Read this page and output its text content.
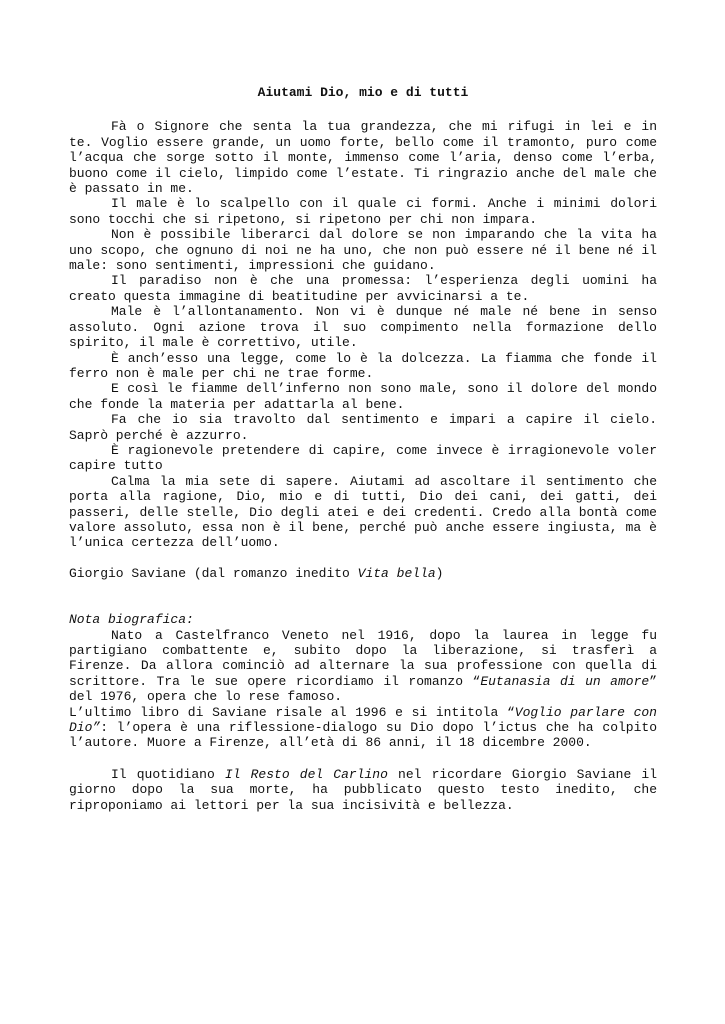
Aiutami Dio, mio e di tutti

Fà o Signore che senta la tua grandezza, che mi rifugi in lei e in te. Voglio essere grande, un uomo forte, bello come il tramonto, puro come l’acqua che sorge sotto il monte, immenso come l’aria, denso come l’erba, buono come il cielo, limpido come l’estate. Ti ringrazio anche del male che è passato in me.

Il male è lo scalpello con il quale ci formi. Anche i minimi dolori sono tocchi che si ripetono, si ripetono per chi non impara.

Non è possibile liberarci dal dolore se non imparando che la vita ha uno scopo, che ognuno di noi ne ha uno, che non può essere né il bene né il male: sono sentimenti, impressioni che guidano.

Il paradiso non è che una promessa: l’esperienza degli uomini ha creato questa immagine di beatitudine per avvicinarsi a te.

Male è l’allontanamento. Non vi è dunque né male né bene in senso assoluto. Ogni azione trova il suo compimento nella formazione dello spirito, il male è correttivo, utile.

È anch’esso una legge, come lo è la dolcezza. La fiamma che fonde il ferro non è male per chi ne trae forme.

E così le fiamme dell’inferno non sono male, sono il dolore del mondo che fonde la materia per adattarla al bene.

Fa che io sia travolto dal sentimento e impari a capire il cielo. Saprò perché è azzurro.

È ragionevole pretendere di capire, come invece è irragionevole voler capire tutto

Calma la mia sete di sapere. Aiutami ad ascoltare il sentimento che porta alla ragione, Dio, mio e di tutti, Dio dei cani, dei gatti, dei passeri, delle stelle, Dio degli atei e dei credenti. Credo alla bontà come valore assoluto, essa non è il bene, perché può anche essere ingiusta, ma è l’unica certezza dell’uomo.

Giorgio Saviane (dal romanzo inedito Vita bella)
Nota biografica:

Nato a Castelfranco Veneto nel 1916, dopo la laurea in legge fu partigiano combattente e, subito dopo la liberazione, si trasferì a Firenze. Da allora cominciò ad alternare la sua professione con quella di scrittore. Tra le sue opere ricordiamo il romanzo “Eutanasia di un amore” del 1976, opera che lo rese famoso.

L’ultimo libro di Saviane risale al 1996 e si intitola “Voglio parlare con Dio”: l’opera è una riflessione-dialogo su Dio dopo l’ictus che ha colpito l’autore. Muore a Firenze, all’età di 86 anni, il 18 dicembre 2000.

Il quotidiano Il Resto del Carlino nel ricordare Giorgio Saviane il giorno dopo la sua morte, ha pubblicato questo testo inedito, che riproponiamo ai lettori per la sua incisività e bellezza.
